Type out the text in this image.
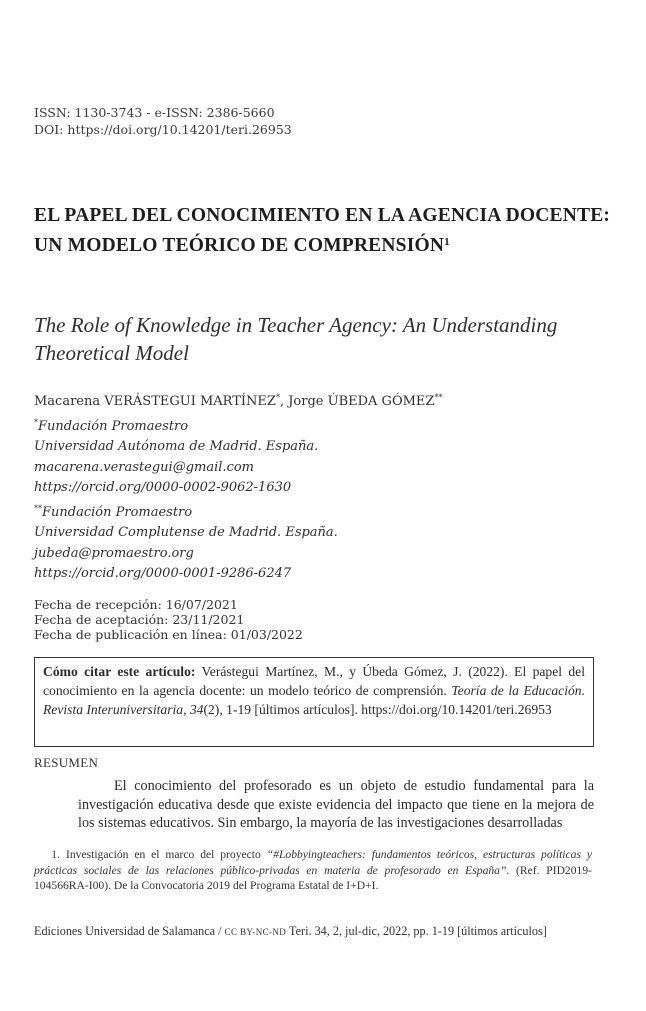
ISSN: 1130-3743 - e-ISSN: 2386-5660
DOI: https://doi.org/10.14201/teri.26953
EL PAPEL DEL CONOCIMIENTO EN LA AGENCIA DOCENTE: UN MODELO TEÓRICO DE COMPRENSIÓN$^1$
The Role of Knowledge in Teacher Agency: An Understanding Theoretical Model
Macarena VERÁSTEGUI MARTÍNEZ*, Jorge ÚBEDA GÓMEZ**
*Fundación Promaestro
Universidad Autónoma de Madrid. España.
macarena.verastegui@gmail.com
https://orcid.org/0000-0002-9062-1630
**Fundación Promaestro
Universidad Complutense de Madrid. España.
jubeda@promaestro.org
https://orcid.org/0000-0001-9286-6247
Fecha de recepción: 16/07/2021
Fecha de aceptación: 23/11/2021
Fecha de publicación en línea: 01/03/2022
Cómo citar este artículo: Verástegui Martínez, M., y Úbeda Gómez, J. (2022). El papel del conocimiento en la agencia docente: un modelo teórico de comprensión. Teoría de la Educación. Revista Interuniversitaria, 34(2), 1-19 [últimos artículos]. https://doi.org/10.14201/teri.26953
RESUMEN
El conocimiento del profesorado es un objeto de estudio fundamental para la investigación educativa desde que existe evidencia del impacto que tiene en la mejora de los sistemas educativos. Sin embargo, la mayoría de las investigaciones desarrolladas
1. Investigación en el marco del proyecto “#Lobbyingteachers: fundamentos teóricos, estructuras políticas y prácticas sociales de las relaciones público-privadas en materia de profesorado en España”. (Ref. PID2019-104566RA-I00). De la Convocatoria 2019 del Programa Estatal de I+D+I.
Ediciones Universidad de Salamanca / CC BY-NC-ND Teri. 34, 2, jul-dic, 2022, pp. 1-19 [últimos artículos]
